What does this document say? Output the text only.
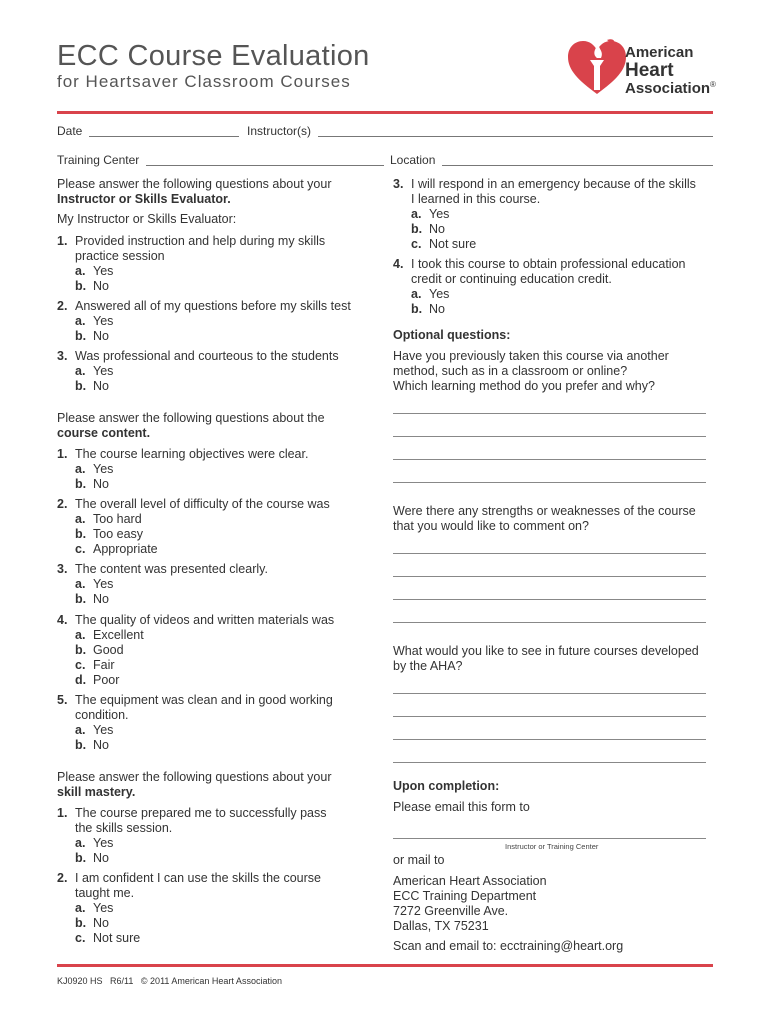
ECC Course Evaluation
for Heartsaver Classroom Courses
American
Heart
Association®
Date	Instructor(s)
Training Center	Location
Please answer the following questions about your
Instructor or Skills Evaluator.
My Instructor or Skills Evaluator:
1. Provided instruction and help during my skills
practice session
a. Yes
b. No
2. Answered all of my questions before my skills test
a. Yes
b. No
3. Was professional and courteous to the students
a. Yes
b. No
Please answer the following questions about the
course content.
1. The course learning objectives were clear.
a. Yes
b. No
2. The overall level of difficulty of the course was
a. Too hard
b. Too easy
c. Appropriate
3. The content was presented clearly.
a. Yes
b. No
4. The quality of videos and written materials was
a. Excellent
b. Good
c. Fair
d. Poor
5. The equipment was clean and in good working
condition.
a. Yes
b. No
Please answer the following questions about your
skill mastery.
1. The course prepared me to successfully pass
the skills session.
a. Yes
b. No
2. I am confident I can use the skills the course
taught me.
a. Yes
b. No
c. Not sure
3. I will respond in an emergency because of the skills
I learned in this course.
a. Yes
b. No
c. Not sure
4. I took this course to obtain professional education
credit or continuing education credit.
a. Yes
b. No
Optional questions:
Have you previously taken this course via another
method, such as in a classroom or online?
Which learning method do you prefer and why?
Were there any strengths or weaknesses of the course
that you would like to comment on?
What would you like to see in future courses developed
by the AHA?
Upon completion:
Please email this form to
Instructor or Training Center
or mail to
American Heart Association
ECC Training Department
7272 Greenville Ave.
Dallas, TX 75231
Scan and email to: ecctraining@heart.org
KJ0920 HS R6/11 © 2011 American Heart Association
